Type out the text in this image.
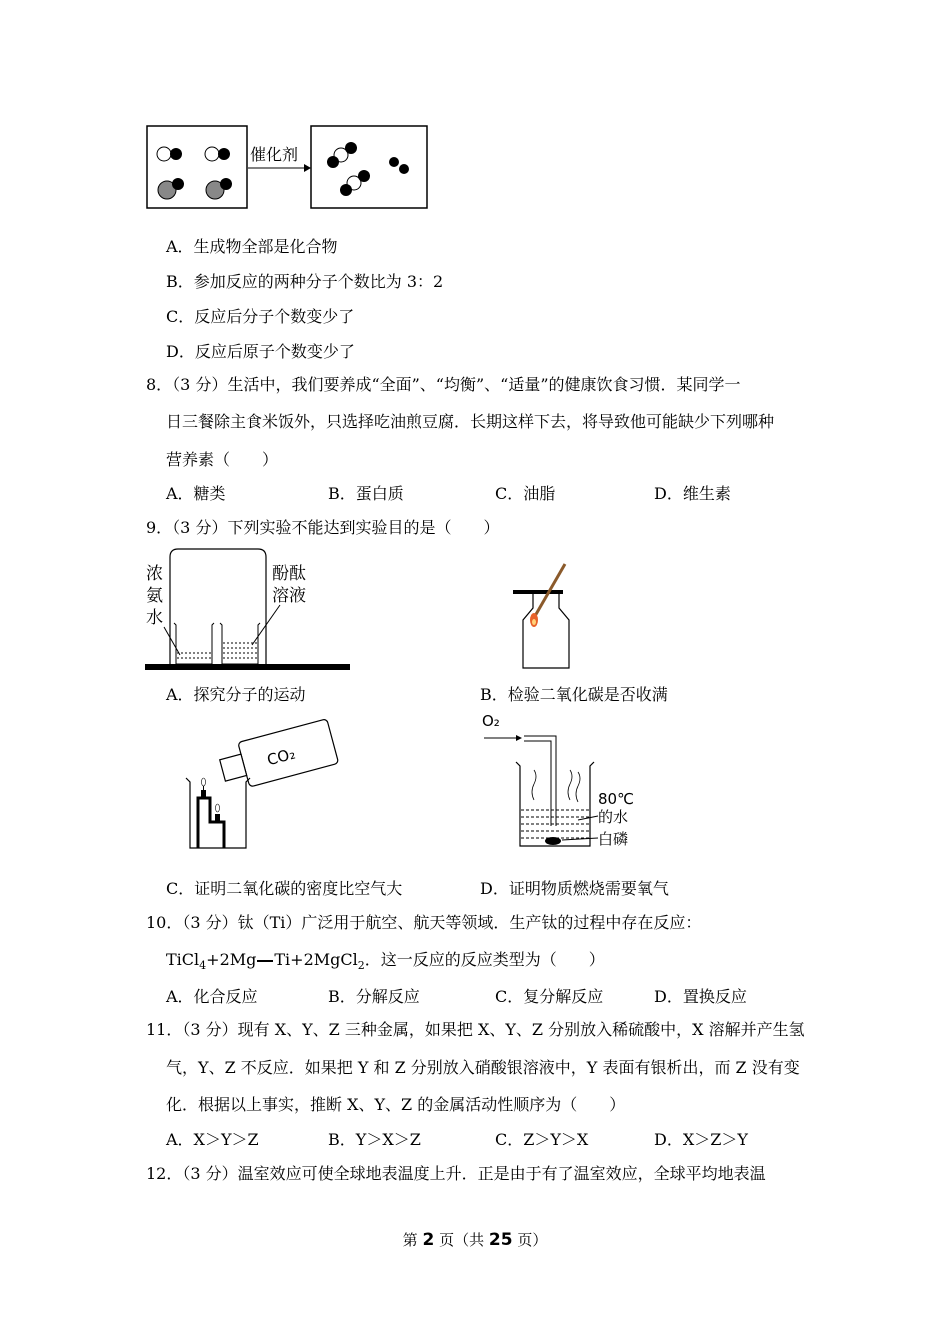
催化剂
A．生成物全部是化合物
B．参加反应的两种分子个数比为 3：2
C．反应后分子个数变少了
D．反应后原子个数变少了
8．（3 分）生活中，我们要养成“全面”、“均衡”、“适量”的健康饮食习惯．某同学一
日三餐除主食米饭外，只选择吃油煎豆腐．长期这样下去，将导致他可能缺少下列哪种
营养素（　　）
A．糖类	B．蛋白质	C．油脂	D．维生素
9．（3 分）下列实验不能达到实验目的是（　　）
浓
氨
水
酚酞
溶液
A．探究分子的运动	B．检验二氧化碳是否收满
CO₂
O₂
80℃
的水
白磷
C．证明二氧化碳的密度比空气大	D．证明物质燃烧需要氧气
10．（3 分）钛（Ti）广泛用于航空、航天等领域．生产钛的过程中存在反应：
TiCl$_4$+2Mg Ti+2MgCl$_2$．这一反应的反应类型为（　　）
A．化合反应	B．分解反应	C．复分解反应	D．置换反应
11．（3 分）现有 X、Y、Z 三种金属，如果把 X、Y、Z 分别放入稀硫酸中，X 溶解并产生氢
气，Y、Z 不反应．如果把 Y 和 Z 分别放入硝酸银溶液中，Y 表面有银析出，而 Z 没有变
化．根据以上事实，推断 X、Y、Z 的金属活动性顺序为（　　）
A．X＞Y＞Z	B．Y＞X＞Z	C．Z＞Y＞X	D．X＞Z＞Y
12．（3 分）温室效应可使全球地表温度上升．正是由于有了温室效应，全球平均地表温
第 2 页（共 25 页）
